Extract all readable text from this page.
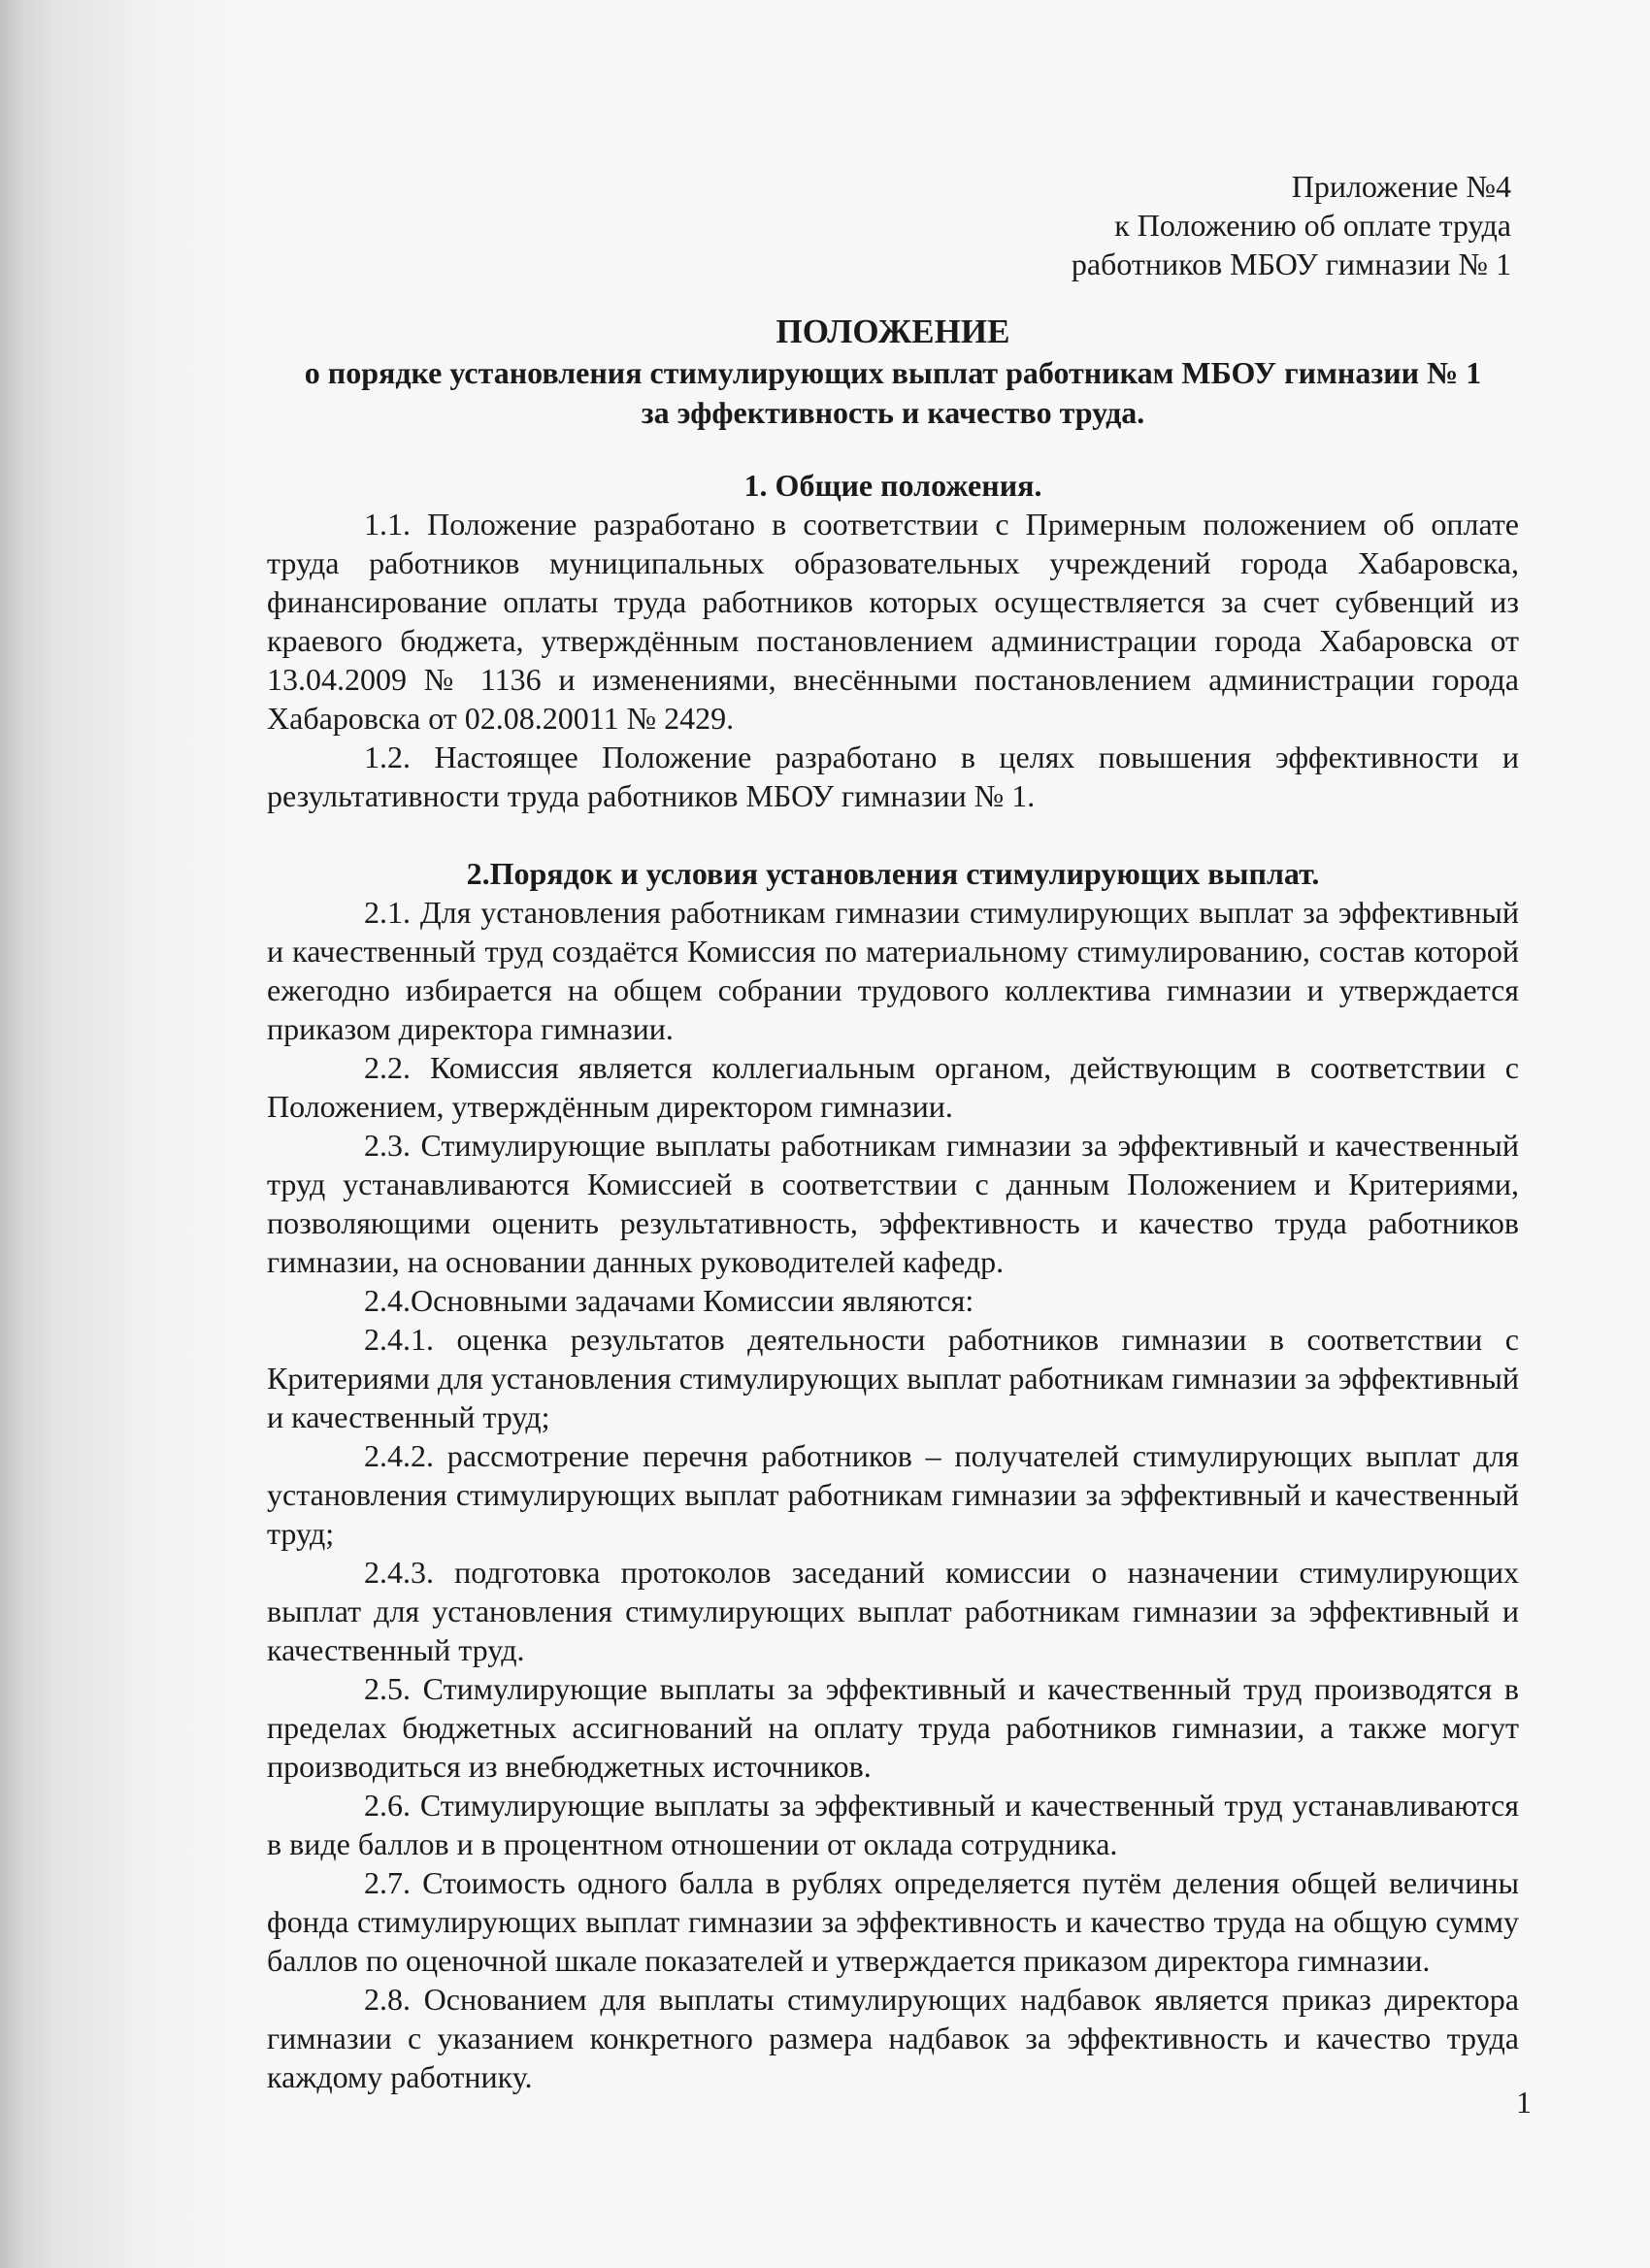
Приложение №4
к Положению об оплате труда
работников МБОУ гимназии № 1
ПОЛОЖЕНИЕ
о порядке установления стимулирующих выплат работникам МБОУ гимназии № 1
за эффективность и качество труда.
1. Общие положения.

1.1. Положение разработано в соответствии с Примерным положением об оплате труда работников муниципальных образовательных учреждений города Хабаровска, финансирование оплаты труда работников которых осуществляется за счет субвенций из краевого бюджета, утверждённым постановлением администрации города Хабаровска от 13.04.2009 № 1136 и изменениями, внесёнными постановлением администрации города Хабаровска от 02.08.20011 № 2429.

1.2. Настоящее Положение разработано в целях повышения эффективности и результативности труда работников МБОУ гимназии № 1.

2.Порядок и условия установления стимулирующих выплат.

2.1. Для установления работникам гимназии стимулирующих выплат за эффективный и качественный труд создаётся Комиссия по материальному стимулированию, состав которой ежегодно избирается на общем собрании трудового коллектива гимназии и утверждается приказом директора гимназии.

2.2. Комиссия является коллегиальным органом, действующим в соответствии с Положением, утверждённым директором гимназии.

2.3. Стимулирующие выплаты работникам гимназии за эффективный и качественный труд устанавливаются Комиссией в соответствии с данным Положением и Критериями, позволяющими оценить результативность, эффективность и качество труда работников гимназии, на основании данных руководителей кафедр.

2.4.Основными задачами Комиссии являются:

2.4.1. оценка результатов деятельности работников гимназии в соответствии с Критериями для установления стимулирующих выплат работникам гимназии за эффективный и качественный труд;

2.4.2. рассмотрение перечня работников – получателей стимулирующих выплат для установления стимулирующих выплат работникам гимназии за эффективный и качественный труд;

2.4.3. подготовка протоколов заседаний комиссии о назначении стимулирующих выплат для установления стимулирующих выплат работникам гимназии за эффективный и качественный труд.

2.5. Стимулирующие выплаты за эффективный и качественный труд производятся в пределах бюджетных ассигнований на оплату труда работников гимназии, а также могут производиться из внебюджетных источников.

2.6. Стимулирующие выплаты за эффективный и качественный труд устанавливаются в виде баллов и в процентном отношении от оклада сотрудника.

2.7. Стоимость одного балла в рублях определяется путём деления общей величины фонда стимулирующих выплат гимназии за эффективность и качество труда на общую сумму баллов по оценочной шкале показателей и утверждается приказом директора гимназии.

2.8. Основанием для выплаты стимулирующих надбавок является приказ директора гимназии с указанием конкретного размера надбавок за эффективность и качество труда каждому работнику.

1
